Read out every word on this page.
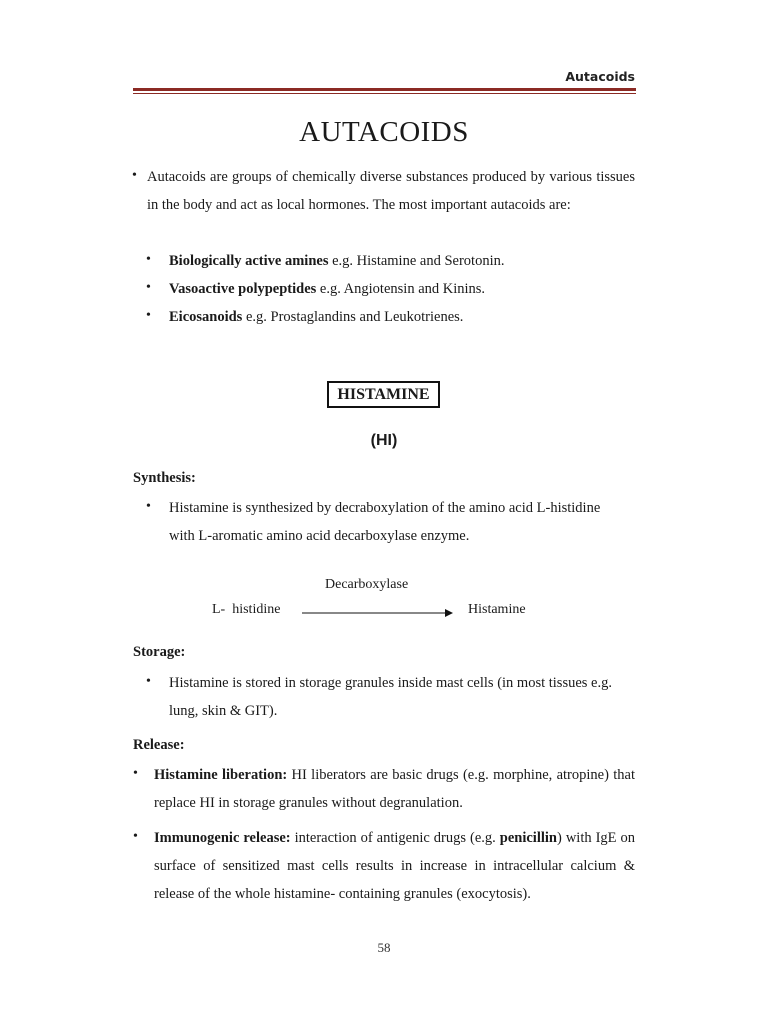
Autacoids
AUTACOIDS
• Autacoids are groups of chemically diverse substances produced by various tissues in the body and act as local hormones. The most important autacoids are:
• Biologically active amines e.g. Histamine and Serotonin.
• Vasoactive polypeptides e.g. Angiotensin and Kinins.
• Eicosanoids e.g. Prostaglandins and Leukotrienes.
HISTAMINE
(HI)
Synthesis:
• Histamine is synthesized by decraboxylation of the amino acid L-histidine with L-aromatic amino acid decarboxylase enzyme.
Decarboxylase
L-  histidine	Histamine
Storage:
• Histamine is stored in storage granules inside mast cells (in most tissues e.g. lung, skin & GIT).
Release:
• Histamine liberation: HI liberators are basic drugs (e.g. morphine, atropine) that replace HI in storage granules without degranulation.
• Immunogenic release: interaction of antigenic drugs (e.g. penicillin) with IgE on surface of sensitized mast cells results in increase in intracellular calcium & release of the whole histamine- containing granules (exocytosis).
58
